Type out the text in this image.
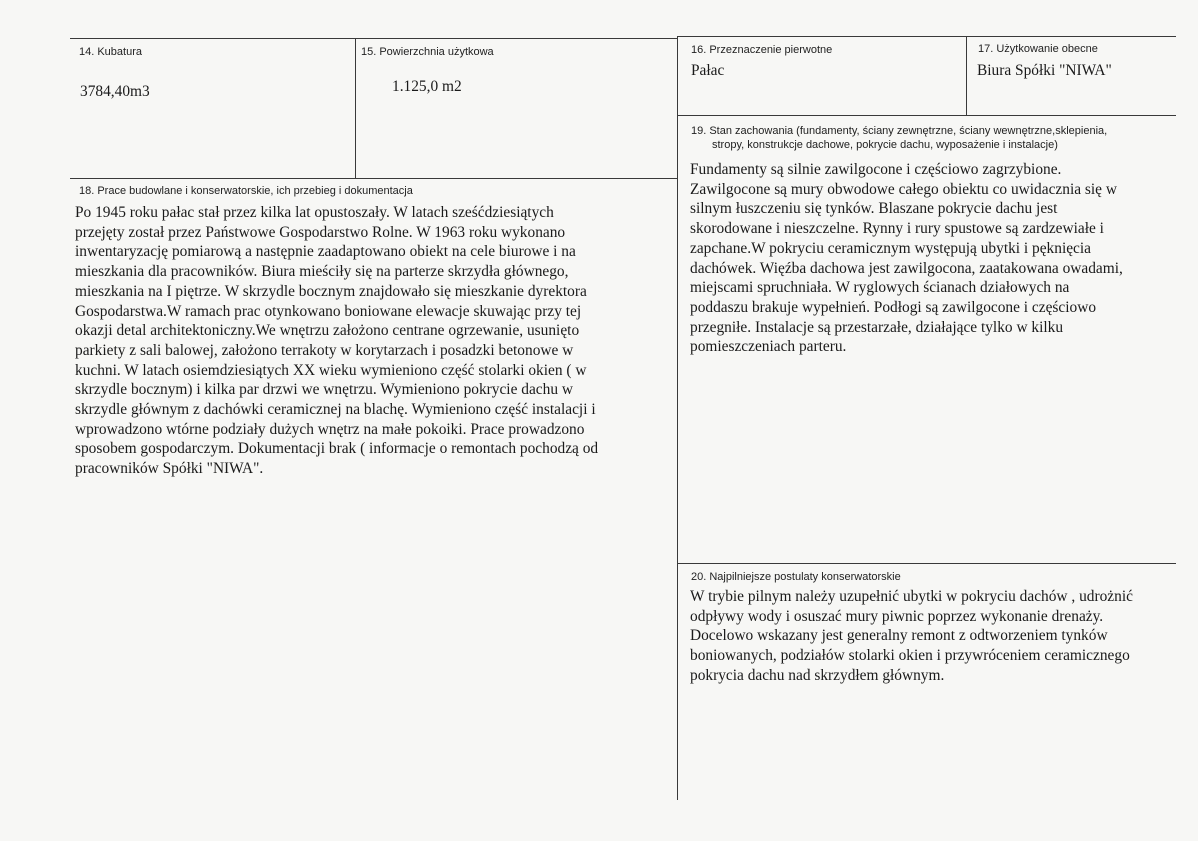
14. Kubatura
3784,40m3
15. Powierzchnia użytkowa
1.125,0 m2
16. Przeznaczenie pierwotne
Pałac
17. Użytkowanie obecne
Biura Spółki "NIWA"
18. Prace budowlane i konserwatorskie, ich przebieg i dokumentacja
Po 1945 roku pałac stał przez kilka lat opustoszały. W latach sześćdziesiątych
przejęty został przez Państwowe Gospodarstwo Rolne. W 1963 roku wykonano
inwentaryzację pomiarową a następnie zaadaptowano obiekt na cele biurowe i na
mieszkania dla pracowników. Biura mieściły się na parterze skrzydła głównego,
mieszkania na I piętrze. W skrzydle bocznym znajdowało się mieszkanie dyrektora
Gospodarstwa.W ramach prac otynkowano boniowane elewacje skuwając przy tej
okazji detal architektoniczny.We wnętrzu założono centrane ogrzewanie, usunięto
parkiety z sali balowej, założono terrakoty w korytarzach i posadzki betonowe w
kuchni. W latach osiemdziesiątych XX wieku wymieniono część stolarki okien ( w
skrzydle bocznym) i kilka par drzwi we wnętrzu. Wymieniono pokrycie dachu w
skrzydle głównym z dachówki ceramicznej na blachę. Wymieniono część instalacji i
wprowadzono wtórne podziały dużych wnętrz na małe pokoiki. Prace prowadzono
sposobem gospodarczym. Dokumentacji brak ( informacje o remontach pochodzą od
pracowników Spółki "NIWA".
19. Stan zachowania (fundamenty, ściany zewnętrzne, ściany wewnętrzne,sklepienia,
stropy, konstrukcje dachowe, pokrycie dachu, wyposażenie i instalacje)
Fundamenty są silnie zawilgocone i częściowo zagrzybione.
Zawilgocone są mury obwodowe całego obiektu co uwidacznia się w
silnym łuszczeniu się tynków. Blaszane pokrycie dachu jest
skorodowane i nieszczelne. Rynny i rury spustowe są zardzewiałe i
zapchane.W pokryciu ceramicznym występują ubytki i pęknięcia
dachówek. Więźba dachowa jest zawilgocona, zaatakowana owadami,
miejscami spruchniała. W ryglowych ścianach działowych na
poddaszu brakuje wypełnień. Podłogi są zawilgocone i częściowo
przegniłe. Instalacje są przestarzałe, działające tylko w kilku
pomieszczeniach parteru.
20. Najpilniejsze postulaty konserwatorskie
W trybie pilnym należy uzupełnić ubytki w pokryciu dachów , udrożnić
odpływy wody i osuszać mury piwnic poprzez wykonanie drenaży.
Docelowo wskazany jest generalny remont z odtworzeniem tynków
boniowanych, podziałów stolarki okien i przywróceniem ceramicznego
pokrycia dachu nad skrzydłem głównym.
